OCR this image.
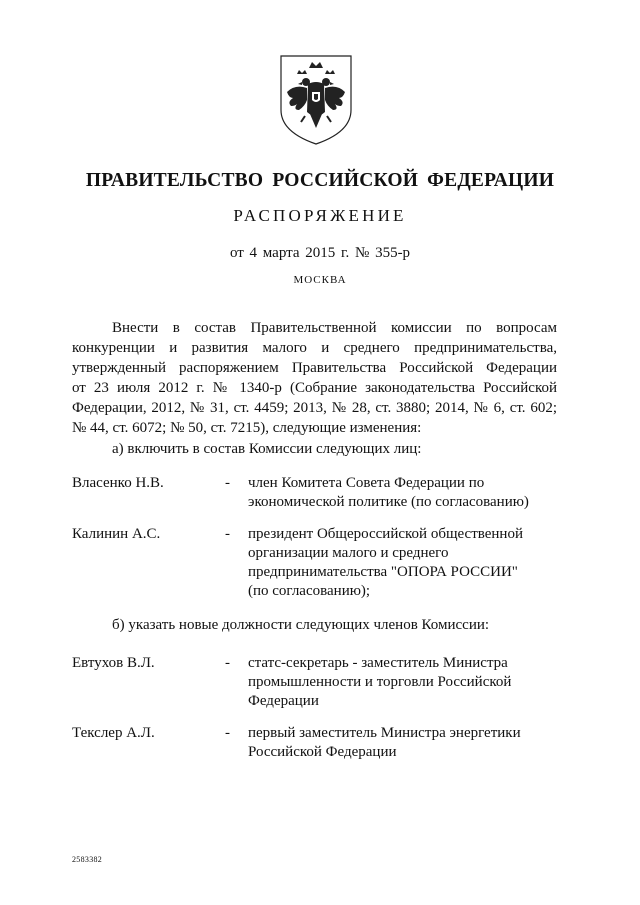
ПРАВИТЕЛЬСТВО РОССИЙСКОЙ ФЕДЕРАЦИИ
РАСПОРЯЖЕНИЕ
от 4 марта 2015 г. № 355-р
МОСКВА
Внести в состав Правительственной комиссии по вопросам
конкуренции и развития малого и среднего предпринимательства,
утвержденный распоряжением Правительства Российской Федерации
от 23 июля 2012 г. № 1340-р (Собрание законодательства Российской
Федерации, 2012, № 31, ст. 4459; 2013, № 28, ст. 3880; 2014, № 6, ст. 602;
№ 44, ст. 6072; № 50, ст. 7215), следующие изменения:
а) включить в состав Комиссии следующих лиц:
Власенко Н.В.	- член Комитета Совета Федерации по
экономической политике (по согласованию)
Калинин А.С.	- президент Общероссийской общественной
организации малого и среднего
предпринимательства "ОПОРА РОССИИ"
(по согласованию);
б) указать новые должности следующих членов Комиссии:
Евтухов В.Л.	- статс-секретарь - заместитель Министра
промышленности и торговли Российской
Федерации
Текслер А.Л.	- первый заместитель Министра энергетики
Российской Федерации
2583382
